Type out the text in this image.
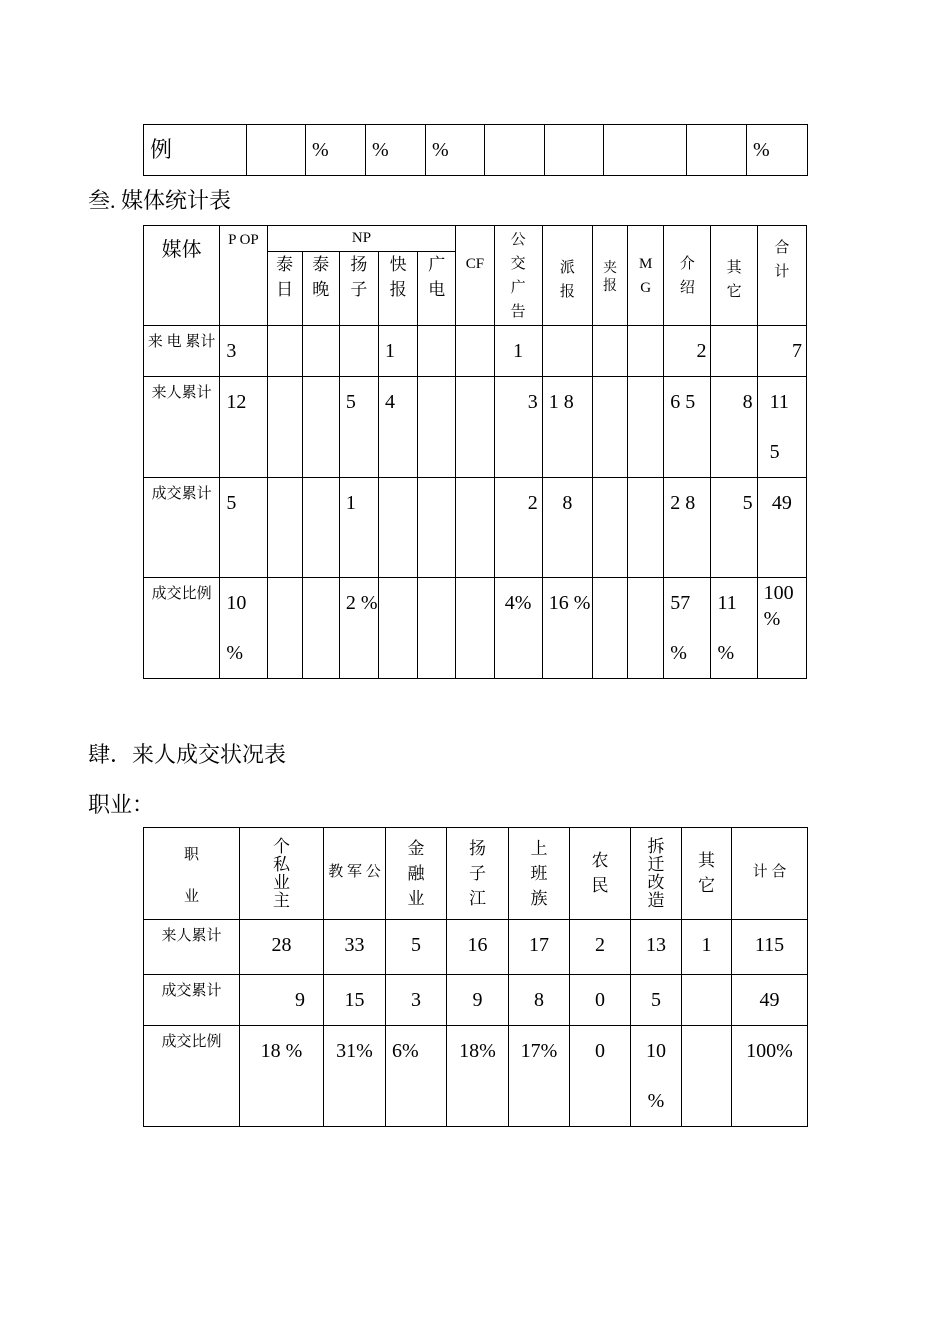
例		%	%	%					%
叁. 媒体统计表
媒体	P OP	NP					CF	公交广告	派报	夹报	MG	介绍	其它	合计

		泰日	泰晚	扬子	快报	广电								

来 电 累计	3				1			1				2		7
来人累计	12			5	4			3	1 8			6 5	8	11 5
成交累计	5			1				2	8			2 8	5	49
成交比例	10 %			2 %				4%	16 %			57 %	11 %	100 %
肆．来人成交状况表
职业：
职 业	个私业主	教 军 公	金 融 业	扬 子 江	上 班 族	农 民	拆迁改造	其 它	计 合
来人累计	28	33	5	16	17	2	13	1	115
成交累计	9	15	3	9	8	0	5		49
成交比例	18 %	31%	6%	18%	17%	0	10 %		100%
